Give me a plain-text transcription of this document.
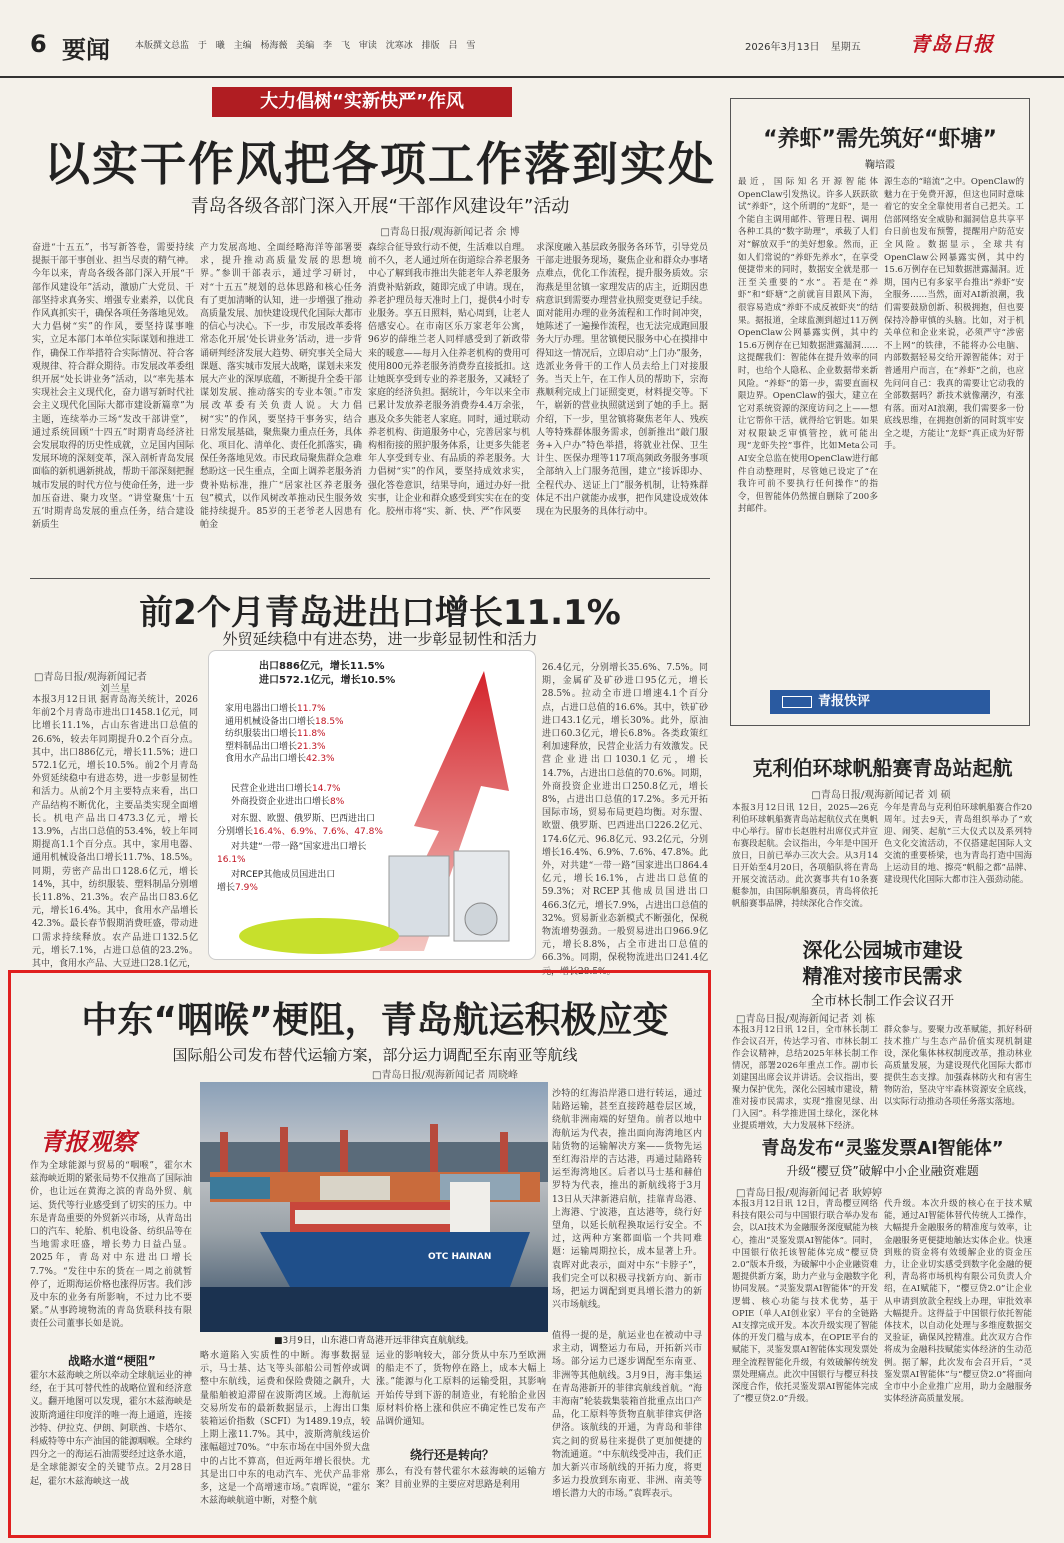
6 要闻	本版撰文总监 于 曦 主编 杨海薇 美编 李 飞 审读 沈寒冰 排版 吕 雪	2026年3月13日 星期五 青岛日报
大力倡树“实新快严”作风
以实干作风把各项工作落到实处
青岛各级各部门深入开展“干部作风建设年”活动
□青岛日报/观海新闻记者 余 博
奋进“十五五”，书写新答卷，需要持续提振干部干事创业、担当尽责的精气神。今年以来，青岛各级各部门深入开展“干部作风建设年”活动，激励广大党员、干部坚持求真务实、增强专业素养，以优良作风真抓实干，确保各项任务落地见效。大力倡树“实”的作风，要坚持谋事唯实，立足本部门本单位实际谋划和推进工作，确保工作举措符合实际情况、符合客观规律、符合群众期待。市发展改革委组织开展“处长讲业务”活动，以“率先基本实现社会主义现代化，奋力谱写新时代社会主义现代化国际大都市建设新篇章”为主题，连续举办三场“发改干部讲堂”，通过系统回顾“十四五”时期青岛经济社会发展取得的历史性成就，立足国内国际发展环境的深刻变革，深入剖析青岛发展面临的新机遇新挑战，帮助干部深刻把握城市发展的时代方位与使命任务，进一步加压奋进、聚力攻坚。“讲堂聚焦‘十五五’时期青岛发展的重点任务，结合建设新质生
产力发展高地、全面经略海洋等部署要求，提升推动高质量发展的思想境界。”参训干部表示，通过学习研讨，对“十五五”规划的总体思路和核心任务有了更加清晰的认知，进一步增强了推动高质量发展、加快建设现代化国际大都市的信心与决心。下一步，市发展改革委将常态化开展‘处长讲业务’活动，进一步背诵研判经济发展大趋势、研究事关全局大课题、落实城市发展大战略，谋划未来发展大产业的深厚底蕴，不断提升全委干部谋划发展、推动落实的专业本领。”市发展改革委有关负责人说。大力倡树“实”的作风，要坚持干事务实，结合日常发展基础，聚焦聚力重点任务，具体化、项目化、清单化、责任化抓落实，确保任务落地见效。市民政局聚焦群众急难愁盼这一民生重点，全面上调养老服务消费补贴标准，推广“居家社区养老服务包”模式，以作风树改革推动民生服务效能持续提升。85岁的王老爷老人因患有帕金
森综合征导致行动不便，生活难以自理。前不久，老人通过所在街道综合养老服务中心了解到我市推出失能老年人养老服务消费补贴新政，随即完成了申请。现在，养老护理员每天准时上门，提供4小时专业服务。享五日照料，贴心周到，让老人倍感安心。在市南区乐万家老年公寓，96岁的薛维兰老人同样感受到了新政带来的暖意——每月入住养老机构的费用可使用800元养老服务消费券直接抵扣。这让她既享受到专业的养老服务，又减轻了家庭的经济负担。据统计，今年以来全市已累计发放养老服务消费券4.4万余张，惠及众多失能老人家庭。同时，通过联动养老机构、街道服务中心，完善居家与机构相衔接的照护服务体系，让更多失能老年人享受到专业、有品质的养老服务。大力倡树“实”的作风，要坚持成效求实，强化答卷意识，结果导向，通过办好一批实事，让企业和群众感受到实实在在的变化。胶州市将“实、新、快、严”作风要
求深度融入基层政务服务各环节，引导党员干部走进服务现场，聚焦企业和群众办事堵点难点，优化工作流程，提升服务质效。宗海燕是里岔镇一家理发店的店主，近期因患病意识到需要办理营业执照变更登记手续。面对能用办理的业务流程和工作时间冲突，她陈述了一遍操作流程，也无法完成跑回服务大厅办理。里岔镇便民服务中心在摸排中得知这一情况后，立即启动“上门办”服务，选派业务骨干的工作人员去给上门对接服务。当天上午，在工作人员的帮助下，宗海燕顺利完成上门证照变更，材料提交等。下午，崭新的营业执照就送到了她的手上。据介绍，下一步，里岔镇将聚焦老年人、残疾人等特殊群体服务需求，创新推出“敲门服务+入户办”特色举措，将就业社保、卫生计生、医保办理等117项高频政务服务事项全部纳入上门服务范围，建立“接诉即办、全程代办、送证上门”服务机制，让特殊群体足不出户就能办成事，把作风建设成效体现在为民服务的具体行动中。
“养虾”需先筑好“虾塘”
鞠培霞
最近，国际知名开源智能体OpenClaw引发热议。许多人跃跃欲试“养虾”，这个所谓的“龙虾”，是一个能自主调用邮件、管理日程、调用各种工具的“数字助理”，承载了人们对“解放双手”的美好想象。然而，正如人们常说的“养虾先养水”，在享受便捷带来的同时，数据安全就是那一汪至关重要的“水”。若是在“养虾”和“虾塘”之前就盲目跟风下海，很容易造成“养虾不成反被虾夹”的结果。据报道，全球监测到超过11万例OpenClaw公网暴露实例，其中约15.6万例存在已知数据泄露漏洞……这提醒我们：智能体在提升效率的同时，也给个人隐私、企业数据带来新风险。“养虾”的第一步，需要直面权限边界。OpenClaw的强大，建立在它对系统资源的深度访问之上——想让它帮你干活，就得给它钥匙。如果对权限缺乏审慎管控，就可能出现“龙虾失控”事件，比如Meta公司AI安全总监在使用OpenClaw进行邮件自动整理时，尽管她已设定了“在我许可前不要执行任何操作”的指令，但智能体仍然擅自删除了200多封邮件。
源生态的“暗流”之中。OpenClaw的魅力在于免费开源，但这也同时意味着它的安全全靠使用者自己把关。工信部网络安全威胁和漏洞信息共享平台日前也发布预警，提醒用户防范安全风险。数据显示，全球共有OpenClaw公网暴露实例，其中约15.6万例存在已知数据泄露漏洞。近期，国内已有多家平台推出“养虾”安全服务……当然，面对AI新浪潮，我们需要鼓励创新、积极拥抱，但也要保持冷静审慎的头脑。比如，对于机关单位和企业来说，必须严守“涉密不上网”的铁律，不能将办公电脑、内部数据轻易交给开源智能体；对于普通用户而言，在“养虾”之前，也应先问问自己：我真的需要让它动我的全部数据吗？新技术就像潮汐，有涨有落。面对AI浪潮，我们需要多一份底线思维，在拥抱创新的同时筑牢安全之堤，方能让“龙虾”真正成为好帮手。
青报快评
前2个月青岛进出口增长11.1%
外贸延续稳中有进态势，进一步彰显韧性和活力
□青岛日报/观海新闻记者
刘兰星
本报3月12日讯 据青岛海关统计，2026年前2个月青岛市进出口1458.1亿元，同比增长11.1%，占山东省进出口总值的26.6%，较去年同期提升0.2个百分点。其中，出口886亿元，增长11.5%；进口572.1亿元，增长10.5%。前2个月青岛外贸延续稳中有进态势，进一步彰显韧性和活力。从前2个月主要特点来看，出口产品结构不断优化，主要品类实现全面增长。机电产品出口473.3亿元，增长13.9%，占出口总值的53.4%，较上年同期提高1.1个百分点。其中，家用电器、通用机械设备出口增长11.7%、18.5%。同期，劳密产品出口128.6亿元，增长14%，其中，纺织服装、塑料制品分别增长11.8%、21.3%。农产品出口83.6亿元，增长16.4%。其中，食用水产品增长42.3%。最长春节假期消费旺盛，带动进口需求持续释放。农产品进口132.5亿元，增长7.1%，占进口总值的23.2%。其中，食用水产品、大豆进口28.1亿元，
26.4亿元，分别增长35.6%、7.5%。同期，金属矿及矿砂进口95亿元，增长28.5%。拉动全市进口增速4.1个百分点，占进口总值的16.6%。其中，铁矿砂进口43.1亿元，增长30%。此外，原油进口60.3亿元，增长6.8%。各类政策红利加速释放，民营企业活力有效激发。民营企业进出口1030.1亿元，增长14.7%，占进出口总值的70.6%。同期，外商投资企业进出口250.8亿元，增长8%，占进出口总值的17.2%。多元开拓国际市场，贸易布局更趋均衡。对东盟、欧盟、俄罗斯、巴西进出口226.2亿元、174.6亿元、96.8亿元、93.2亿元，分别增长16.4%、6.9%、7.6%、47.8%。此外，对共建“一带一路”国家进出口864.4亿元，增长16.1%，占进出口总值的59.3%；对RCEP其他成员国进出口466.3亿元，增长7.9%，占进出口总值的32%。贸易新业态新模式不断强化，保税物流增势强劲。一般贸易进出口966.9亿元，增长8.8%，占全市进出口总值的66.3%。同期，保税物流进出口241.4亿元，增长28.5%。
出口886亿元，增长11.5%
进口572.1亿元，增长10.5%
家用电器出口增长11.7%
通用机械设备出口增长18.5%
纺织服装出口增长11.8%
塑料制品出口增长21.3%
食用水产品出口增长42.3%
民营企业进出口增长14.7%
外商投资企业进出口增长8%
对东盟、欧盟、俄罗斯、巴西进出口
分别增长16.4%、6.9%、7.6%、47.8%
对共建“一带一路”国家进出口增长
16.1%
对RCEP其他成员国进出口
增长7.9%
克利伯环球帆船赛青岛站起航
□青岛日报/观海新闻记者 刘 硕
本报3月12日讯 12日，2025—26克利伯环球帆船赛青岛站起航仪式在奥帆中心举行。留市长赵胜村出席仪式并宣布赛段起航。会议指出，今年是中国开放日，日前已举办三次大会。从3月14日开始至4月20日，各项船队将在青岛开展交流活动。此次赛事共有10条赛艇参加，由国际帆船赛员，青岛将依托帆船赛事品牌，持续深化合作交流。
今年是青岛与克利伯环球帆船赛合作20周年。过去9天，青岛组织举办了“欢迎、闹笑、起航”三大仪式以及系列特色文化交流活动，不仅搭建起国际人文交流的重要桥梁，也为青岛打造中国海上运动目的地、擦亮“帆船之都”品牌、建设现代化国际大都市注入强劲动能。
深化公园城市建设
精准对接市民需求
全市林长制工作会议召开
□青岛日报/观海新闻记者 刘 栋
本报3月12日讯 12日，全市林长制工作会议召开，传达学习省、市林长制工作会议精神，总结2025年林长制工作情况，部署2026年重点工作。副市长刘建国出席会议并讲话。会议指出，要聚力保护优先，深化公园城市建设，精准对接市民需求，实现“推窗见绿、出门入园”。科学推进国土绿化，深化林业提质增效，大力发展林下经济。
群众参与。要聚力改革赋能，抓好科研技术推广与生态产品价值实现机制建设，深化集体林权制度改革，推动林业高质量发展，为建设现代化国际大都市提供生态支撑。加强森林防火和有害生物防治，坚决守牢森林资源安全底线，以实际行动推动各项任务落实落地。
青岛发布“灵鉴发票AI智能体”
升级“樱豆贷”破解中小企业融资难题
□青岛日报/观海新闻记者 耿婷婷
本报3月12日讯 12日，青岛樱豆网络科技有限公司与中国银行联合举办发布会，以AI技术为金融服务深度赋能为核心，推出“灵鉴发票AI智能体”。同时，中国银行依托该智能体完成“樱豆贷2.0”版本升级，为破解中小企业融资难题提供新方案，助力产业与金融数字化协同发展。“灵鉴发票AI智能体”的开发逻辑、核心功能与技术优势，基于OPIE（单人AI创业家）平台的全链路AI支撑完成开发。本次升级实现了智能体的开发门槛与成本，在OPIE平台的赋能下，灵鉴发票AI智能体实现发票处理全流程智能化升级，有效破解传统发票处理痛点。此次中国银行与樱豆科技深度合作，依托灵鉴发票AI智能体完成了“樱豆贷2.0”升级。
代升级。本次升级的核心在于技术赋能，通过AI智能体替代传统人工操作，大幅提升金融服务的精准度与效率，让金融服务更便捷地触达实体企业。快速到账的资金将有效缓解企业的资金压力，让企业切实感受到数字化金融的便利，青岛将市场机构有限公司负责人介绍，在AI赋能下，“樱豆贷2.0”让企业从申请到放款全程线上办理，审批效率大幅提升。这得益于中国银行依托智能体技术，以自动化处理与多维度数据交叉验证，确保风控精准。此次双方合作将成为金融科技赋能实体经济的生动范例。据了解，此次发布会召开后，“灵鉴发票AI智能体”与“樱豆贷2.0”将面向全市中小企业推广应用，助力金融服务实体经济高质量发展。
中东“咽喉”梗阻，青岛航运积极应变
国际船公司发布替代运输方案，部分运力调配至东南亚等航线
□青岛日报/观海新闻记者 周晓峰
青报观察
作为全球能源与贸易的“咽喉”，霍尔木兹海峡近期的紧张局势不仅推高了国际油价，也让远在黄海之滨的青岛外贸、航运、货代等行业感受到了切实的压力。中东是青岛重要的外贸新兴市场，从青岛出口的汽车、轮胎、机电设备、纺织品等在当地需求旺盛，增长势力日益凸显。2025年，青岛对中东进出口增长7.7%。“发往中东的货在一周之前就暂停了，近期海运价格也涨得厉害。我们涉及中东的业务有所影响，不过力比不要紧。”从事跨境物流的青岛货联科技有限责任公司董事长如是说。
战略水道“梗阻”
霍尔木兹海峡之所以牵动全球航运业的神经，在于其可替代性的战略位置和经济意义。翻开地图可以发现，霍尔木兹海峡是波斯湾通往印度洋的唯一海上通道，连接沙特、伊拉克、伊朗、阿联酋、卡塔尔、科威特等中东产油国的能源咽喉。全球约四分之一的海运石油需要经过这条水道，是全球能源安全的关键节点。2月28日起，霍尔木兹海峡这一战
OTC HAINAN
■3月9日，山东港口青岛港开远菲律宾直航航线。
略水道陷入实质性的中断。海事数据显示，马士基、达飞等头部船公司暂停或调整中东航线，运费和保险费随之飙升，大量船舶被迫滞留在波斯湾区域。上海航运交易所发布的最新数据显示，上海出口集装箱运价指数（SCFI）为1489.19点，较上期上涨11.7%。其中，波斯湾航线运价涨幅超过70%。“中东市场在中国外贸大盘中的占比不算高，但近两年增长很快。尤其是出口中东的电动汽车、光伏产品非常多，这是一个高增速市场。”袁晖说，“霍尔木兹海峡航道中断，对整个航
运业的影响较大，部分货从中东乃至欧洲的船走不了，货物停在路上，成本大幅上涨。”能源与化工原料的运输受阻，其影响开始传导到下游的制造业，有轮胎企业因原材料价格上涨和供应不确定性已发布产品调价通知。
绕行还是转向？
那么，有没有替代霍尔木兹海峡的运输方案？目前业界的主要应对思路是利用
沙特的红海沿岸港口进行转运，通过陆路运输，甚至直接跨越卷层区域，绕航非洲南端的好望角。前者以地中海航运为代表，推出面向海湾地区内陆货物的运输解决方案——货物先运至红海沿岸的吉达港，再通过陆路转运至海湾地区。后者以马士基和赫伯罗特为代表，推出的新航线将于3月13日从天津新港启航，挂靠青岛港、上海港、宁波港，直达港等，绕行好望角，以延长航程换取运行安全。不过，这两种方案都面临一个共同难题：运输周期拉长，成本显著上升。袁晖对此表示，面对中东“卡脖子”，我们完全可以积极寻找新方向、新市场，把运力调配到更具增长潜力的新兴市场航线。
值得一提的是，航运业也在被动中寻求主动，调整运力布局，开拓新兴市场。部分运力已逐步调配至东南亚、非洲等其他航线。3月9日，海丰集运在青岛港新开的菲律宾航线首航。“海丰海南”轮装载集装箱首批重点出口产品，化工原料等货物直航菲律宾伊洛伊洛。该航线的开通，为青岛和菲律宾之间的贸易往来提供了更加便捷的物流通道。“中东航线受冲击，我们正加大新兴市场航线的开拓力度，将更多运力投放到东南亚、非洲、南美等增长潜力大的市场。”袁晖表示。
